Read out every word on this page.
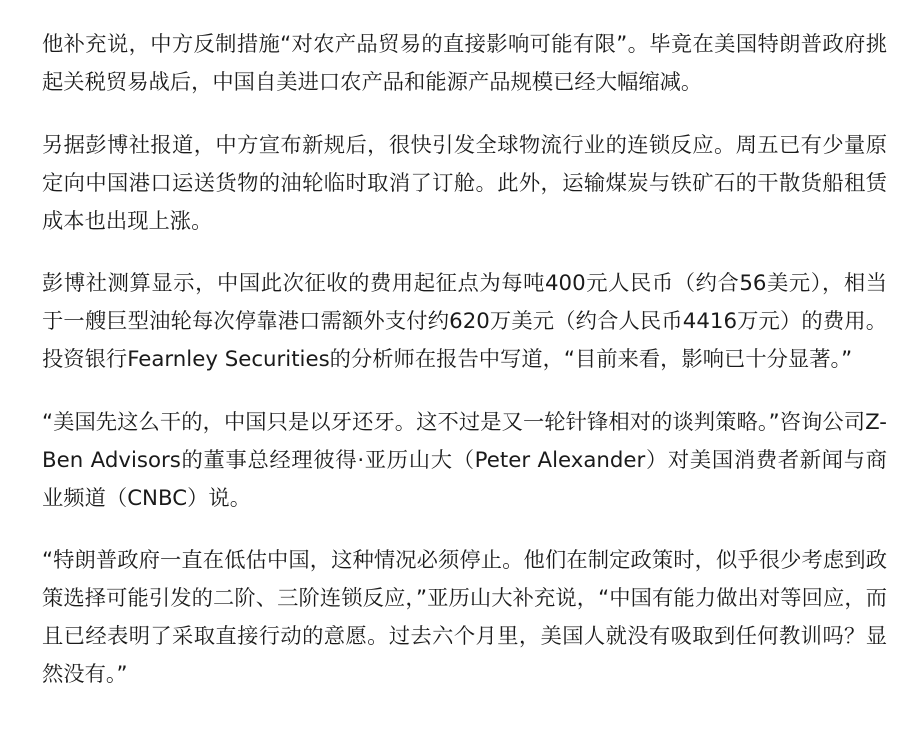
他补充说，中方反制措施“对农产品贸易的直接影响可能有限”。毕竟在美国特朗普政府挑起关税贸易战后，中国自美进口农产品和能源产品规模已经大幅缩减。

另据彭博社报道，中方宣布新规后，很快引发全球物流行业的连锁反应。周五已有少量原定向中国港口运送货物的油轮临时取消了订舱。此外，运输煤炭与铁矿石的干散货船租赁成本也出现上涨。

彭博社测算显示，中国此次征收的费用起征点为每吨400元人民币（约合56美元），相当于一艘巨型油轮每次停靠港口需额外支付约620万美元（约合人民币4416万元）的费用。投资银行Fearnley Securities的分析师在报告中写道，“目前来看，影响已十分显著。”

“美国先这么干的，中国只是以牙还牙。这不过是又一轮针锋相对的谈判策略。”咨询公司Z-Ben Advisors的董事总经理彼得·亚历山大（Peter Alexander）对美国消费者新闻与商业频道（CNBC）说。

“特朗普政府一直在低估中国，这种情况必须停止。他们在制定政策时，似乎很少考虑到政策选择可能引发的二阶、三阶连锁反应，”亚历山大补充说，“中国有能力做出对等回应，而且已经表明了采取直接行动的意愿。过去六个月里，美国人就没有吸取到任何教训吗？显然没有。”
